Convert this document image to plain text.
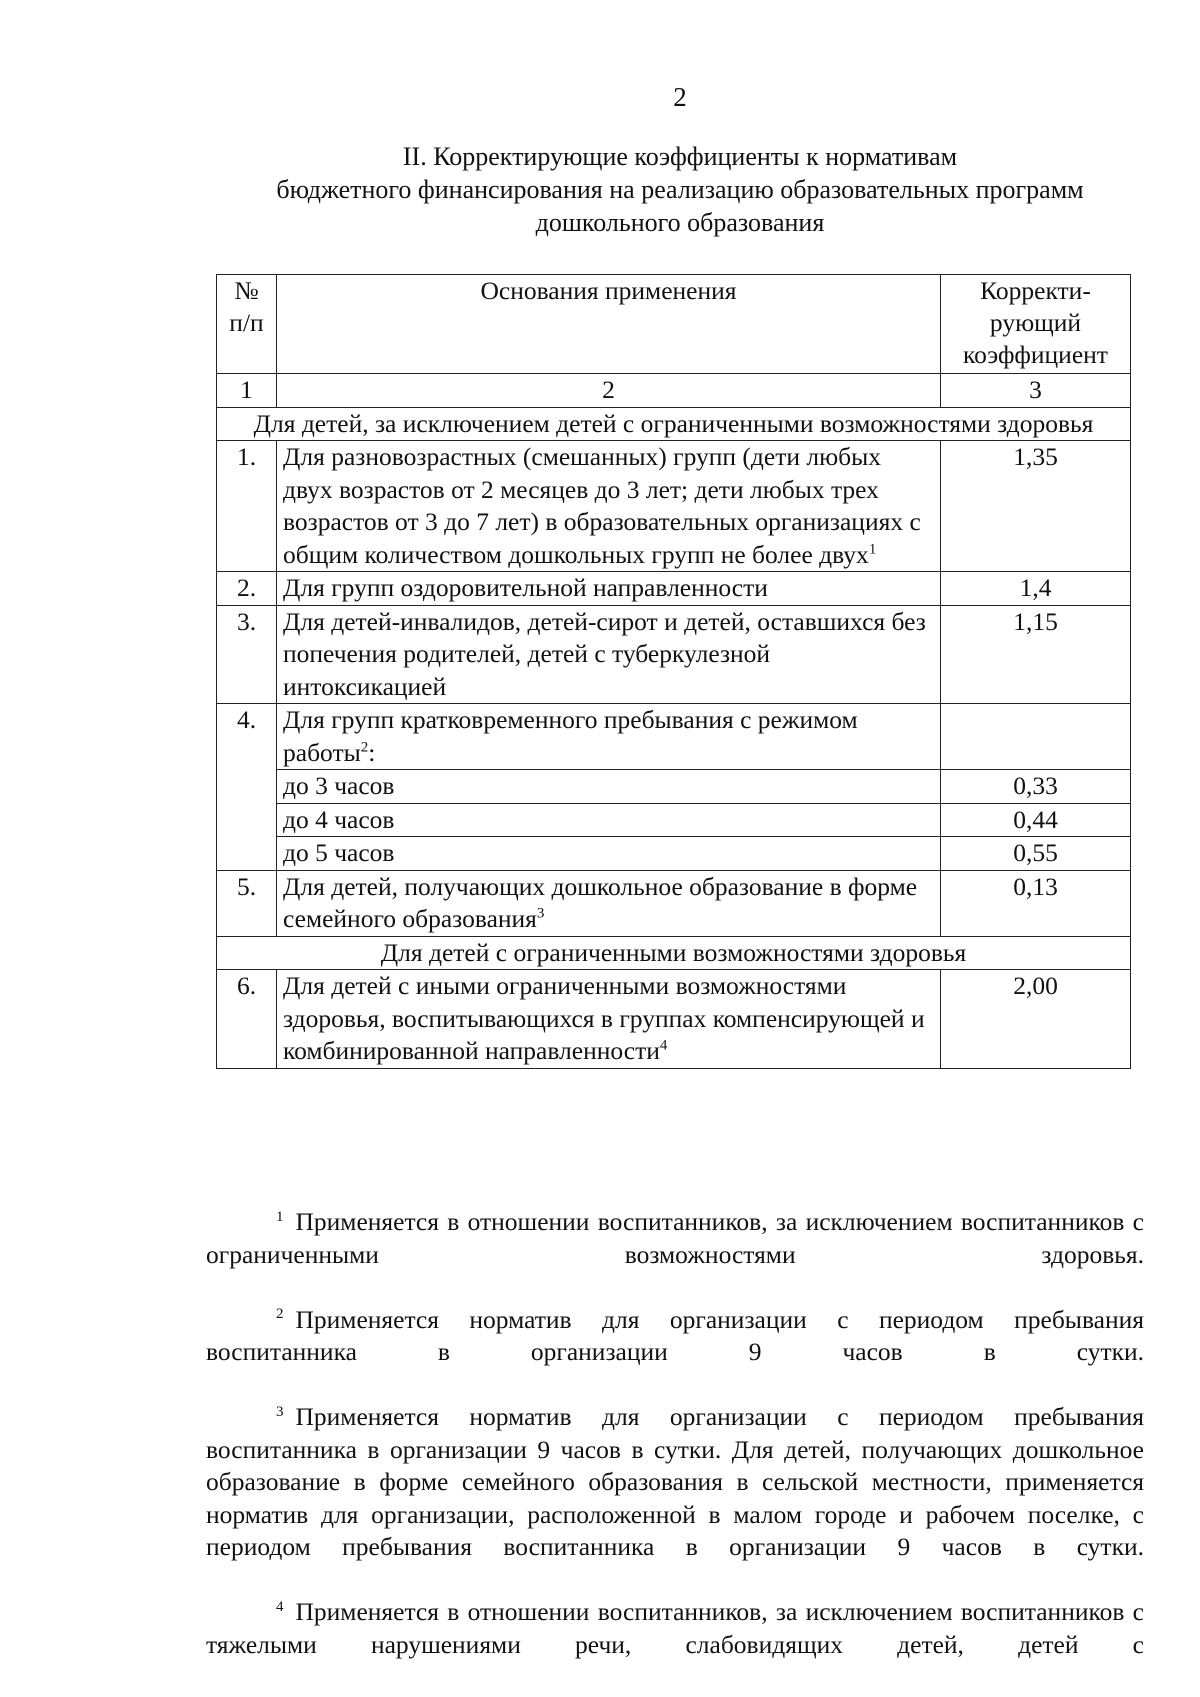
2
II. Корректирующие коэффициенты к нормативам
бюджетного финансирования на реализацию образовательных программ
дошкольного образования
№ п/п	Основания применения	Корректи-рующий коэффициент
1	2	3
Для детей, за исключением детей с ограниченными возможностями здоровья		
1.	Для разновозрастных (смешанных) групп (дети любых двух возрастов от 2 месяцев до 3 лет; дети любых трех возрастов от 3 до 7 лет) в образовательных организациях с общим количеством дошкольных групп не более двух$^1$	1,35
2.	Для групп оздоровительной направленности	1,4
3.	Для детей-инвалидов, детей-сирот и детей, оставшихся без попечения родителей, детей с туберкулезной интоксикацией	1,15
4.	Для групп кратковременного пребывания с режимом работы$^2$:	
	до 3 часов	0,33
	до 4 часов	0,44
	до 5 часов	0,55
5.	Для детей, получающих дошкольное образование в форме семейного образования$^3$	0,13
Для детей с ограниченными возможностями здоровья		
6.	Для детей с иными ограниченными возможностями здоровья, воспитывающихся в группах компенсирующей и комбинированной направленности$^4$	2,00

$^1$ Применяется в отношении воспитанников, за исключением воспитанников с ограниченными возможностями здоровья.

$^2$ Применяется норматив для организации с периодом пребывания воспитанника в организации 9 часов в сутки.

$^3$ Применяется норматив для организации с периодом пребывания воспитанника в организации 9 часов в сутки. Для детей, получающих дошкольное образование в форме семейного образования в сельской местности, применяется норматив для организации, расположенной в малом городе и рабочем поселке, с периодом пребывания воспитанника в организации 9 часов в сутки.

$^4$ Применяется в отношении воспитанников, за исключением воспитанников с тяжелыми нарушениями речи, слабовидящих детей, детей с
